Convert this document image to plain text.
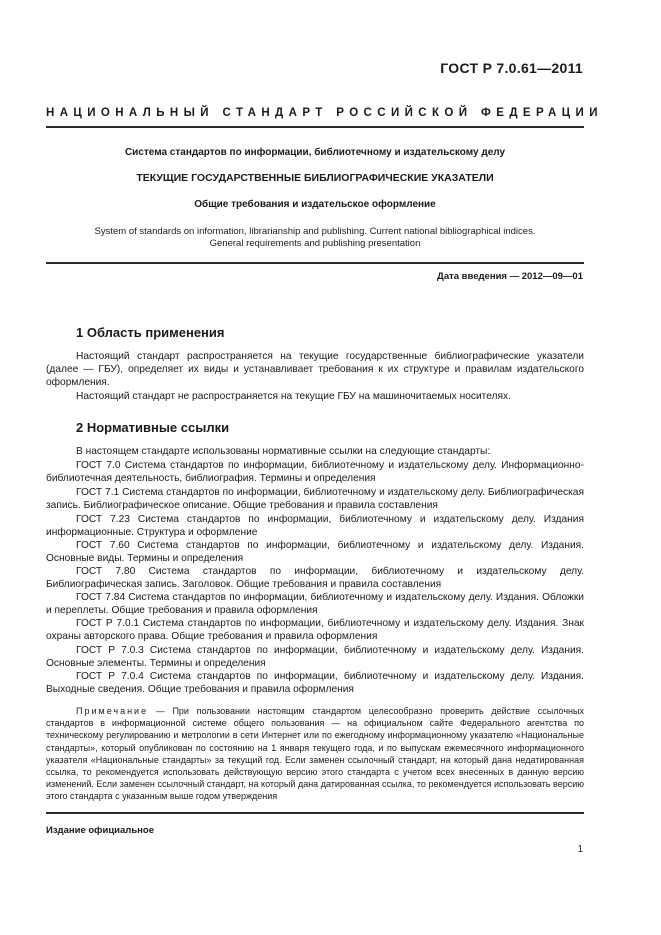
ГОСТ Р 7.0.61—2011
НАЦИОНАЛЬНЫЙ СТАНДАРТ РОССИЙСКОЙ ФЕДЕРАЦИИ
Система стандартов по информации, библиотечному и издательскому делу
ТЕКУЩИЕ ГОСУДАРСТВЕННЫЕ БИБЛИОГРАФИЧЕСКИЕ УКАЗАТЕЛИ
Общие требования и издательское оформление
System of standards on information, librarianship and publishing. Current national bibliographical indices.
General requirements and publishing presentation
Дата введения — 2012—09—01
1 Область применения

Настоящий стандарт распространяется на текущие государственные библиографические указатели (далее — ГБУ), определяет их виды и устанавливает требования к их структуре и правилам издательского оформления.

Настоящий стандарт не распространяется на текущие ГБУ на машиночитаемых носителях.

2 Нормативные ссылки

В настоящем стандарте использованы нормативные ссылки на следующие стандарты:

ГОСТ 7.0 Система стандартов по информации, библиотечному и издательскому делу. Информационно-библиотечная деятельность, библиография. Термины и определения

ГОСТ 7.1 Система стандартов по информации, библиотечному и издательскому делу. Библиографическая запись. Библиографическое описание. Общие требования и правила составления

ГОСТ 7.23 Система стандартов по информации, библиотечному и издательскому делу. Издания информационные. Структура и оформление

ГОСТ 7.60 Система стандартов по информации, библиотечному и издательскому делу. Издания. Основные виды. Термины и определения

ГОСТ 7.80 Система стандартов по информации, библиотечному и издательскому делу. Библиографическая запись. Заголовок. Общие требования и правила составления

ГОСТ 7.84 Система стандартов по информации, библиотечному и издательскому делу. Издания. Обложки и переплеты. Общие требования и правила оформления

ГОСТ Р 7.0.1 Система стандартов по информации, библиотечному и издательскому делу. Издания. Знак охраны авторского права. Общие требования и правила оформления

ГОСТ Р 7.0.3 Система стандартов по информации, библиотечному и издательскому делу. Издания. Основные элементы. Термины и определения

ГОСТ Р 7.0.4 Система стандартов по информации, библиотечному и издательскому делу. Издания. Выходные сведения. Общие требования и правила оформления

Примечание — При пользовании настоящим стандартом целесообразно проверить действие ссылочных стандартов в информационной системе общего пользования — на официальном сайте Федерального агентства по техническому регулированию и метрологии в сети Интернет или по ежегодному информационному указателю «Национальные стандарты», который опубликован по состоянию на 1 января текущего года, и по выпускам ежемесячного информационного указателя «Национальные стандарты» за текущий год. Если заменен ссылочный стандарт, на который дана недатированная ссылка, то рекомендуется использовать действующую версию этого стандарта с учетом всех внесенных в данную версию изменений. Если заменен ссылочный стандарт, на который дана датированная ссылка, то рекомендуется использовать версию этого стандарта с указанным выше годом утверждения

Издание официальное
1
